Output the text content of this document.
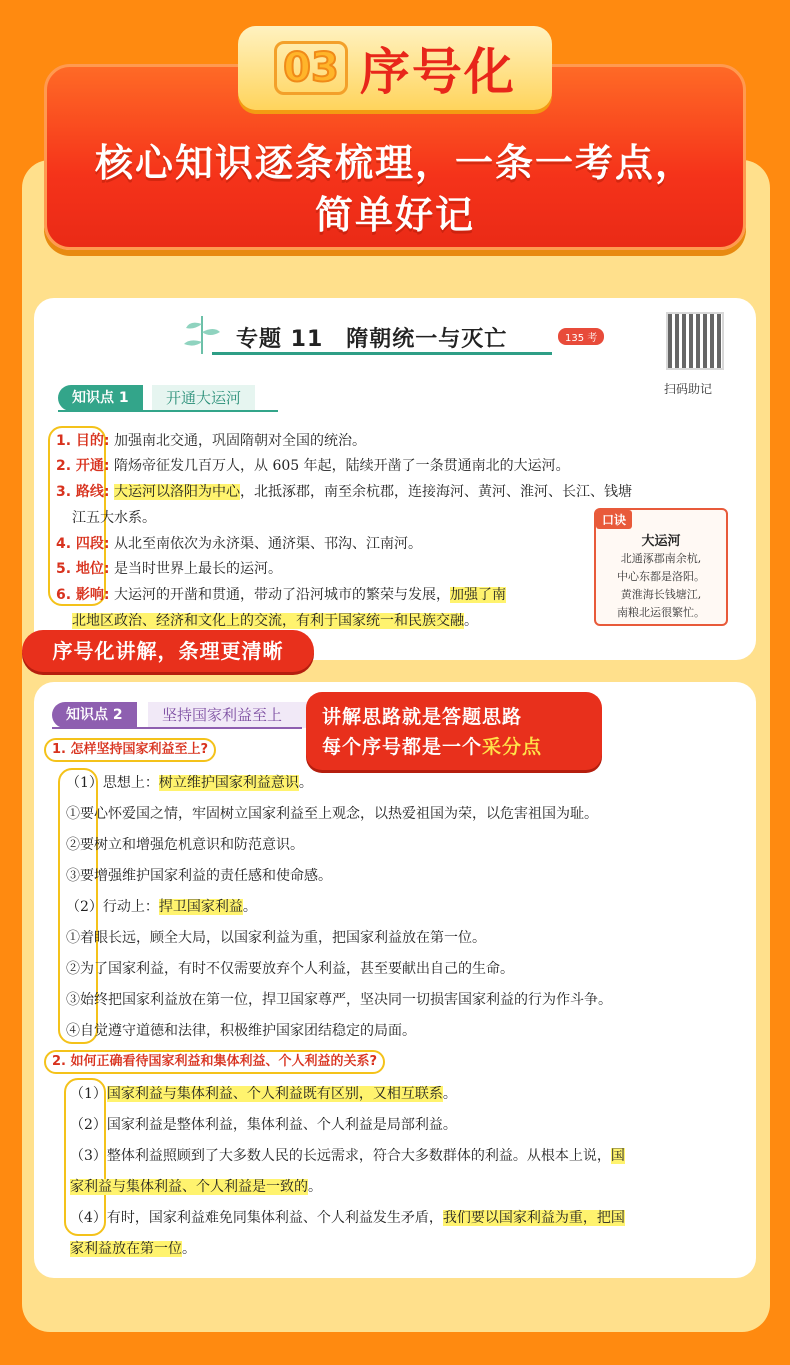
03 序号化
核心知识逐条梳理，一条一考点，
简单好记
专题 11　隋朝统一与灭亡	135 考
扫码助记
知识点 1	开通大运河
1. 目的: 加强南北交通，巩固隋朝对全国的统治。
2. 开通: 隋炀帝征发几百万人，从 605 年起，陆续开凿了一条贯通南北的大运河。
3. 路线: 大运河以洛阳为中心，北抵涿郡，南至余杭郡，连接海河、黄河、淮河、长江、钱塘
江五大水系。
4. 四段: 从北至南依次为永济渠、通济渠、邗沟、江南河。
5. 地位: 是当时世界上最长的运河。
6. 影响: 大运河的开凿和贯通，带动了沿河城市的繁荣与发展，加强了南
北地区政治、经济和文化上的交流，有利于国家统一和民族交融。
口诀
大运河
北通涿郡南余杭,
中心东都是洛阳。
黄淮海长钱塘江,
南粮北运很繁忙。
序号化讲解，条理更清晰
知识点 2	坚持国家利益至上	讲解思路就是答题思路
每个序号都是一个采分点
1. 怎样坚持国家利益至上?
（1）思想上：树立维护国家利益意识。
①要心怀爱国之情，牢固树立国家利益至上观念，以热爱祖国为荣，以危害祖国为耻。
②要树立和增强危机意识和防范意识。
③要增强维护国家利益的责任感和使命感。
（2）行动上：捍卫国家利益。
①着眼长远，顾全大局，以国家利益为重，把国家利益放在第一位。
②为了国家利益，有时不仅需要放弃个人利益，甚至要献出自己的生命。
③始终把国家利益放在第一位，捍卫国家尊严，坚决同一切损害国家利益的行为作斗争。
④自觉遵守道德和法律，积极维护国家团结稳定的局面。
2. 如何正确看待国家利益和集体利益、个人利益的关系?
（1）国家利益与集体利益、个人利益既有区别，又相互联系。
（2）国家利益是整体利益，集体利益、个人利益是局部利益。
（3）整体利益照顾到了大多数人民的长远需求，符合大多数群体的利益。从根本上说，国
家利益与集体利益、个人利益是一致的。
（4）有时，国家利益难免同集体利益、个人利益发生矛盾，我们要以国家利益为重，把国
家利益放在第一位。
